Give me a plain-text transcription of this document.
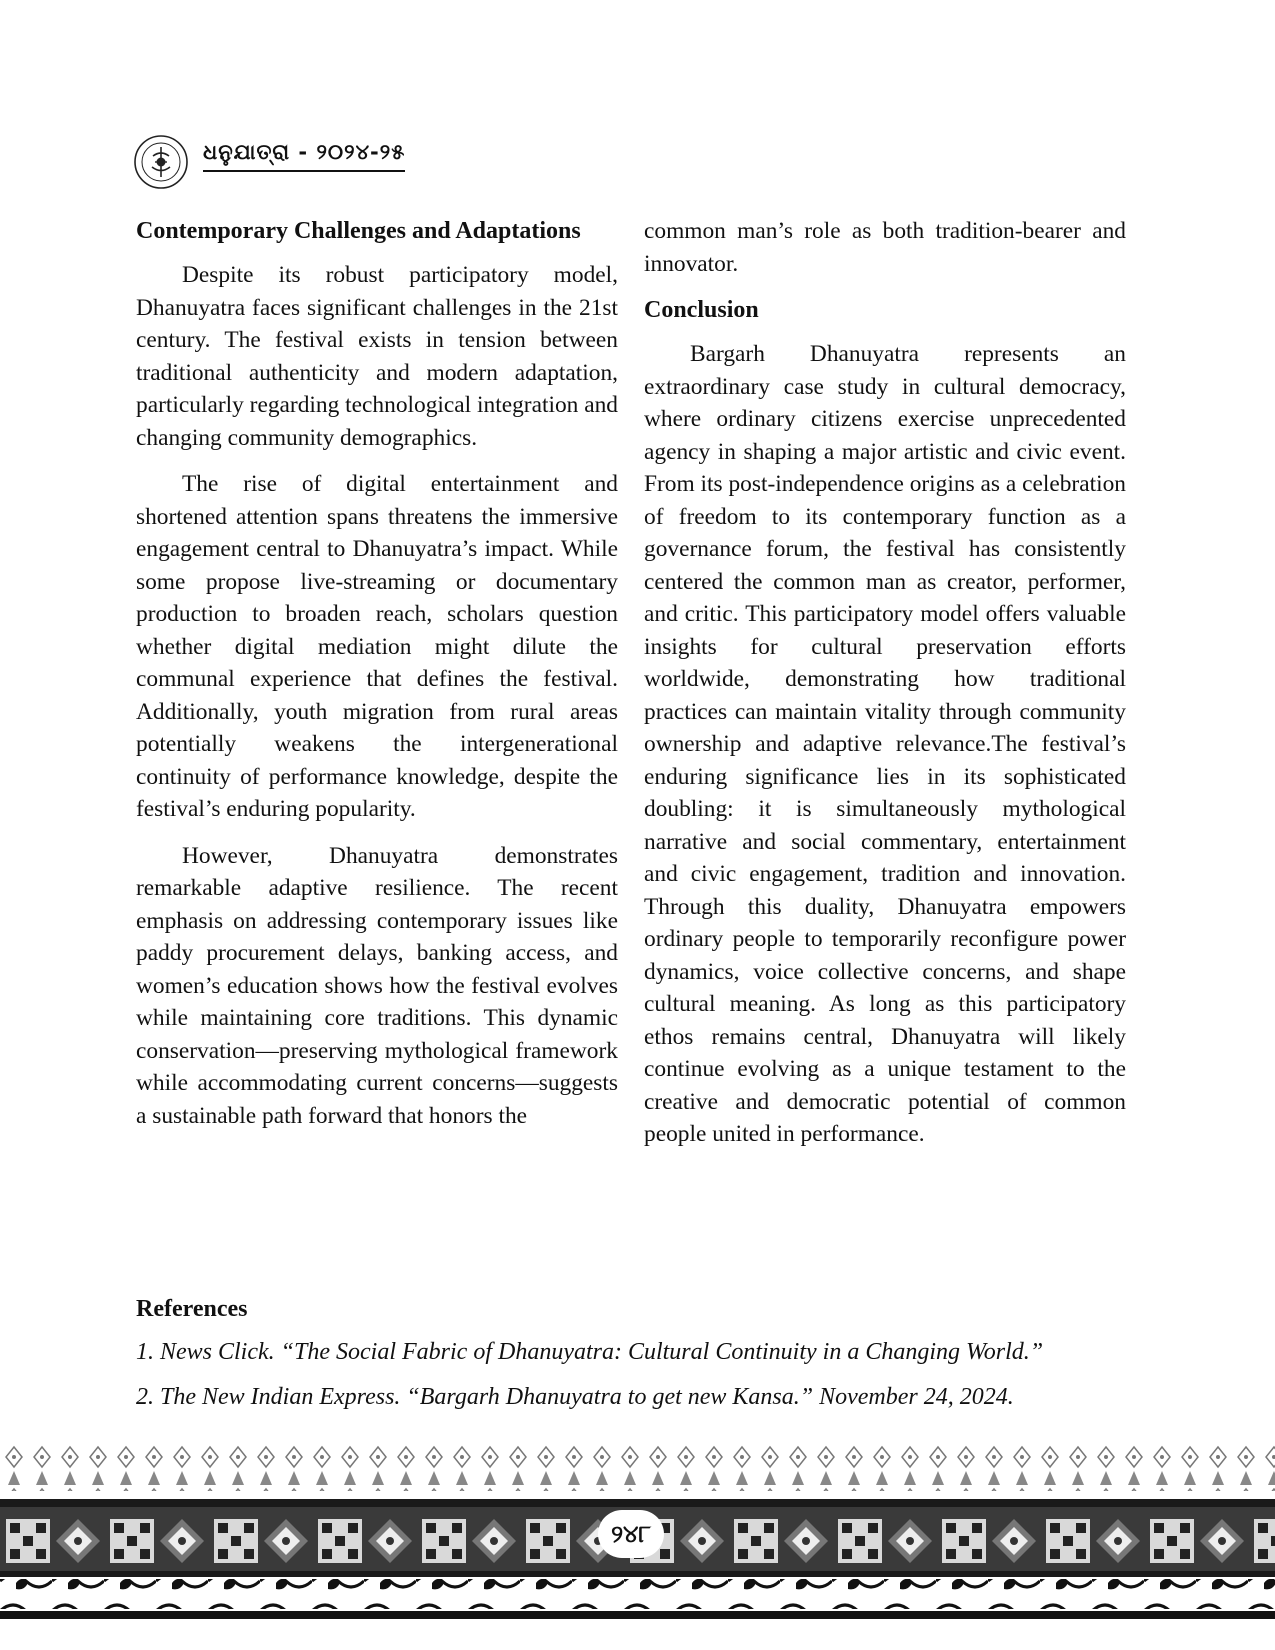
ଧନୁଯାତ୍ରା - ୨୦୨୪-୨୫
Contemporary Challenges and Adaptations

Despite its robust participatory model, Dhanuyatra faces significant challenges in the 21st century. The festival exists in tension between traditional authenticity and modern adaptation, particularly regarding technological integration and changing community demographics.

The rise of digital entertainment and shortened attention spans threatens the immersive engagement central to Dhanuyatra’s impact. While some propose live-streaming or documentary production to broaden reach, scholars question whether digital mediation might dilute the communal experience that defines the festival. Additionally, youth migration from rural areas potentially weakens the intergenerational continuity of performance knowledge, despite the festival’s enduring popularity.

However, Dhanuyatra demonstrates remarkable adaptive resilience. The recent emphasis on addressing contemporary issues like paddy procurement delays, banking access, and women’s education shows how the festival evolves while maintaining core traditions. This dynamic conservation—preserving mythological framework while accommodating current concerns—suggests a sustainable path forward that honors the

common man’s role as both tradition-bearer and innovator.

Conclusion

Bargarh Dhanuyatra represents an extraordinary case study in cultural democracy, where ordinary citizens exercise unprecedented agency in shaping a major artistic and civic event. From its post-independence origins as a celebration of freedom to its contemporary function as a governance forum, the festival has consistently centered the common man as creator, performer, and critic. This participatory model offers valuable insights for cultural preservation efforts worldwide, demonstrating how traditional practices can maintain vitality through community ownership and adaptive relevance.The festival’s enduring significance lies in its sophisticated doubling: it is simultaneously mythological narrative and social commentary, entertainment and civic engagement, tradition and innovation. Through this duality, Dhanuyatra empowers ordinary people to temporarily reconfigure power dynamics, voice collective concerns, and shape cultural meaning. As long as this participatory ethos remains central, Dhanuyatra will likely continue evolving as a unique testament to the creative and democratic potential of common people united in performance.

References

1. News Click. “The Social Fabric of Dhanuyatra: Cultural Continuity in a Changing World.”

2. The New Indian Express. “Bargarh Dhanuyatra to get new Kansa.” November 24, 2024.

୨୪୮
